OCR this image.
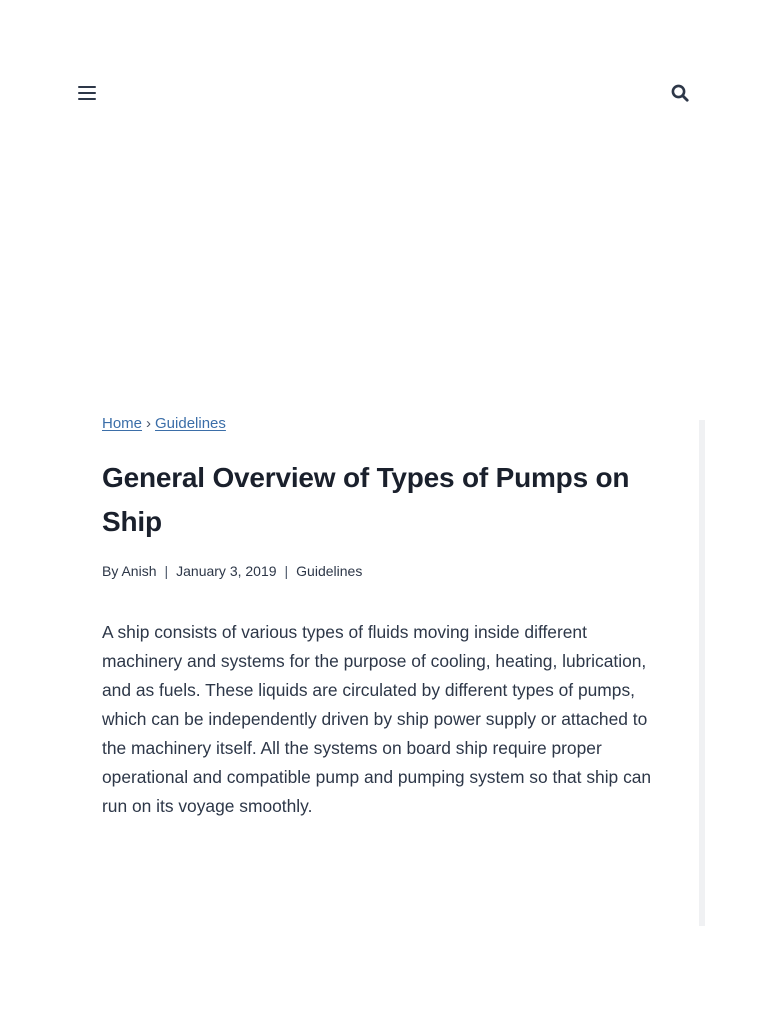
Home › Guidelines
General Overview of Types of Pumps on Ship
By Anish | January 3, 2019 | Guidelines

A ship consists of various types of fluids moving inside different machinery and systems for the purpose of cooling, heating, lubrication, and as fuels. These liquids are circulated by different types of pumps, which can be independently driven by ship power supply or attached to the machinery itself. All the systems on board ship require proper operational and compatible pump and pumping system so that ship can run on its voyage smoothly.
